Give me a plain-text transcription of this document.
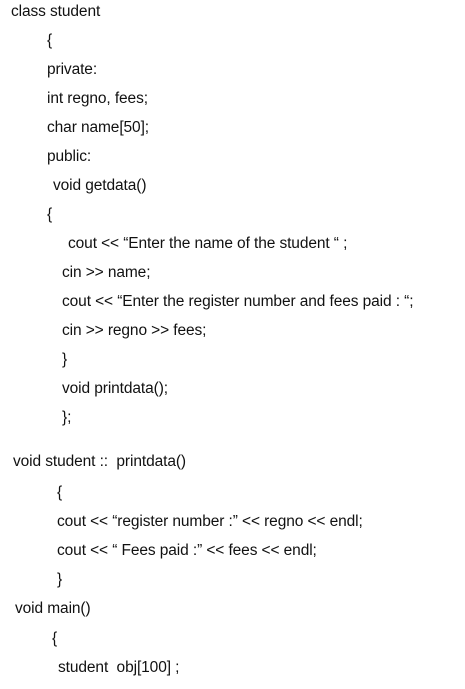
class student
{
private:
int regno, fees;
char name[50];
public:
void getdata()
{
cout << “Enter the name of the student “ ;
cin >> name;
cout << “Enter the register number and fees paid : “;
cin >> regno >> fees;
}
void printdata();
};
void student ::  printdata()
{
cout << “register number :” << regno << endl;
cout << “ Fees paid :” << fees << endl;
}
void main()
{
student  obj[100] ;
